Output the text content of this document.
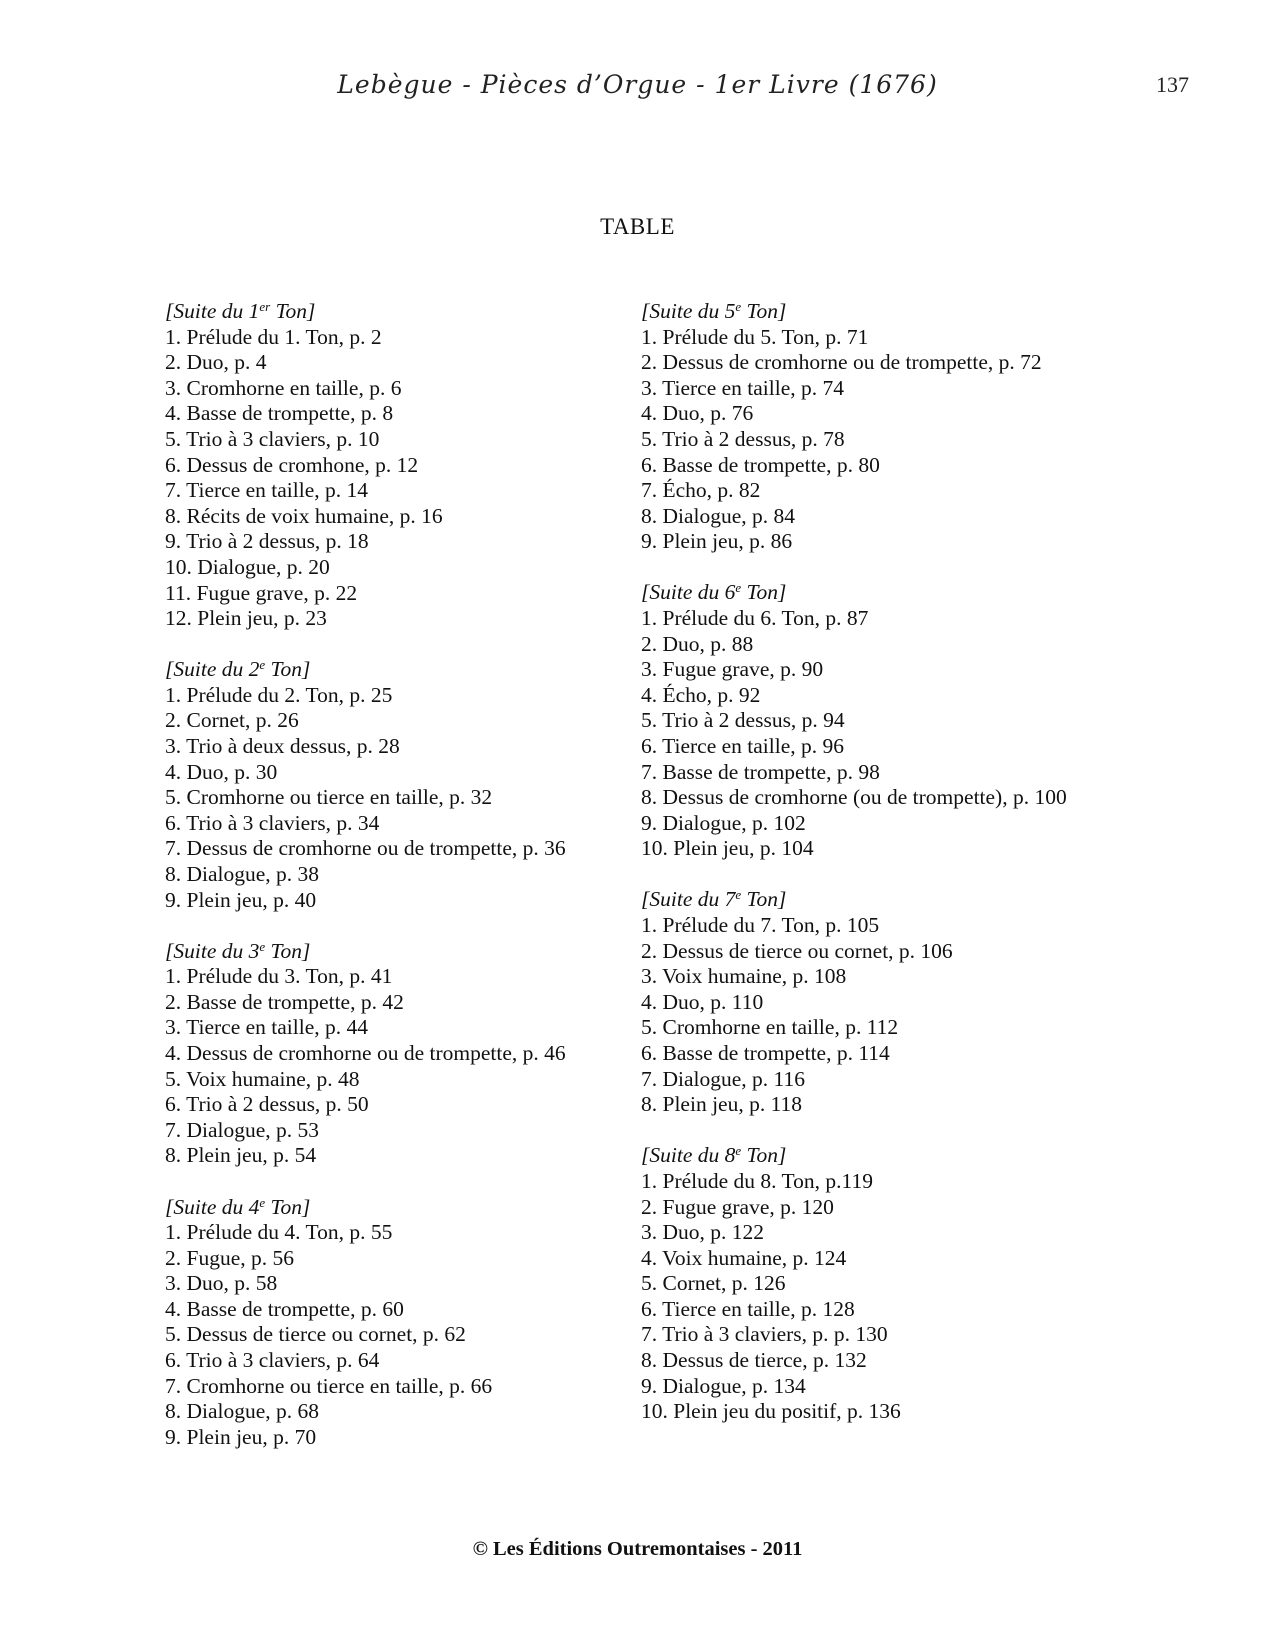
Lebègue - Pièces d’Orgue - 1er Livre (1676)	137
TABLE
[Suite du 1er Ton]
1. Prélude du 1. Ton, p. 2
2. Duo, p. 4
3. Cromhorne en taille, p. 6
4. Basse de trompette, p. 8
5. Trio à 3 claviers, p. 10
6. Dessus de cromhone, p. 12
7. Tierce en taille, p. 14
8. Récits de voix humaine, p. 16
9. Trio à 2 dessus, p. 18
10. Dialogue, p. 20
11. Fugue grave, p. 22
12. Plein jeu, p. 23
[Suite du 2e Ton]
1. Prélude du 2. Ton, p. 25
2. Cornet, p. 26
3. Trio à deux dessus, p. 28
4. Duo, p. 30
5. Cromhorne ou tierce en taille, p. 32
6. Trio à 3 claviers, p. 34
7. Dessus de cromhorne ou de trompette, p. 36
8. Dialogue, p. 38
9. Plein jeu, p. 40
[Suite du 3e Ton]
1. Prélude du 3. Ton, p. 41
2. Basse de trompette, p. 42
3. Tierce en taille, p. 44
4. Dessus de cromhorne ou de trompette, p. 46
5. Voix humaine, p. 48
6. Trio à 2 dessus, p. 50
7. Dialogue, p. 53
8. Plein jeu, p. 54
[Suite du 4e Ton]
1. Prélude du 4. Ton, p. 55
2. Fugue, p. 56
3. Duo, p. 58
4. Basse de trompette, p. 60
5. Dessus de tierce ou cornet, p. 62
6. Trio à 3 claviers, p. 64
7. Cromhorne ou tierce en taille, p. 66
8. Dialogue, p. 68
9. Plein jeu, p. 70
[Suite du 5e Ton]
1. Prélude du 5. Ton, p. 71
2. Dessus de cromhorne ou de trompette, p. 72
3. Tierce en taille, p. 74
4. Duo, p. 76
5. Trio à 2 dessus, p. 78
6. Basse de trompette, p. 80
7. Écho, p. 82
8. Dialogue, p. 84
9. Plein jeu, p. 86
[Suite du 6e Ton]
1. Prélude du 6. Ton, p. 87
2. Duo, p. 88
3. Fugue grave, p. 90
4. Écho, p. 92
5. Trio à 2 dessus, p. 94
6. Tierce en taille, p. 96
7. Basse de trompette, p. 98
8. Dessus de cromhorne (ou de trompette), p. 100
9. Dialogue, p. 102
10. Plein jeu, p. 104
[Suite du 7e Ton]
1. Prélude du 7. Ton, p. 105
2. Dessus de tierce ou cornet, p. 106
3. Voix humaine, p. 108
4. Duo, p. 110
5. Cromhorne en taille, p. 112
6. Basse de trompette, p. 114
7. Dialogue, p. 116
8. Plein jeu, p. 118
[Suite du 8e Ton]
1. Prélude du 8. Ton, p.119
2. Fugue grave, p. 120
3. Duo, p. 122
4. Voix humaine, p. 124
5. Cornet, p. 126
6. Tierce en taille, p. 128
7. Trio à 3 claviers, p. p. 130
8. Dessus de tierce, p. 132
9. Dialogue, p. 134
10. Plein jeu du positif, p. 136
© Les Éditions Outremontaises - 2011
